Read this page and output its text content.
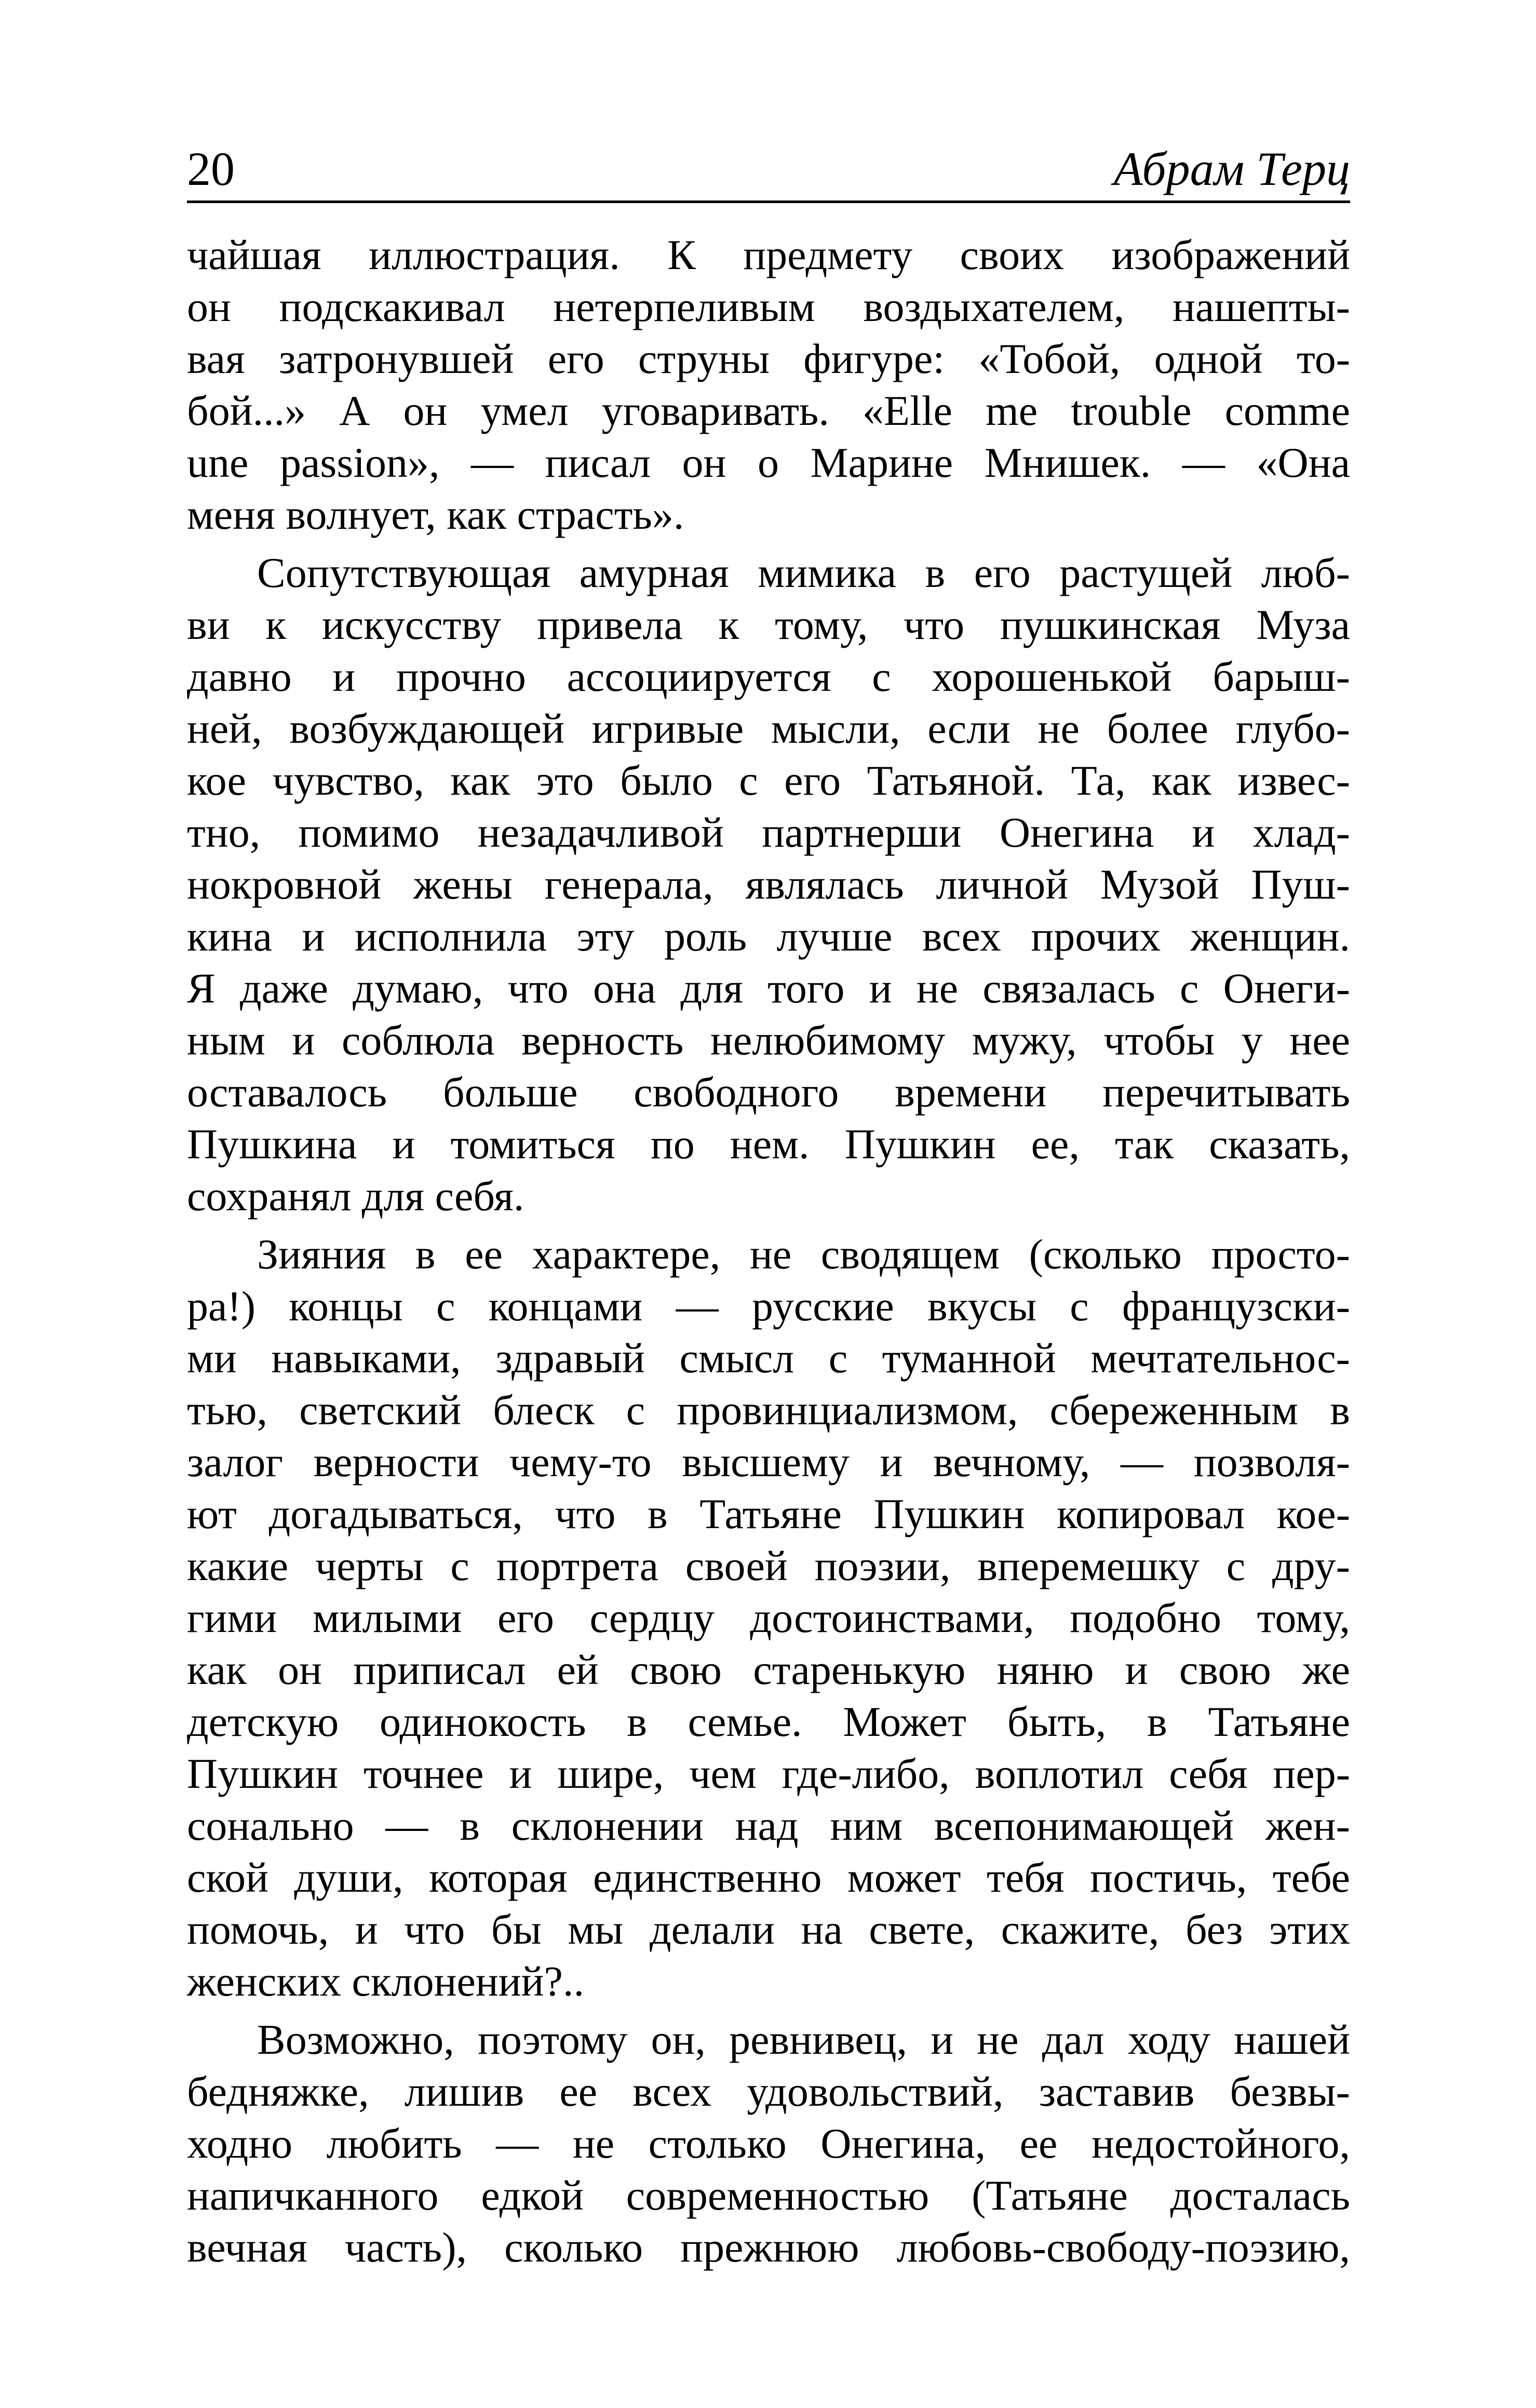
20	Абрам Терц

чайшая иллюстрация. К предмету своих изображений
он подскакивал нетерпеливым воздыхателем, нашепты-
вая затронувшей его струны фигуре: «Тобой, одной то-
бой...» А он умел уговаривать. «Elle me trouble comme
une passion», — писал он о Марине Мнишек. — «Она
меня волнует, как страсть».

Сопутствующая амурная мимика в его растущей люб-
ви к искусству привела к тому, что пушкинская Муза
давно и прочно ассоциируется с хорошенькой барыш-
ней, возбуждающей игривые мысли, если не более глубо-
кое чувство, как это было с его Татьяной. Та, как извес-
тно, помимо незадачливой партнерши Онегина и хлад-
нокровной жены генерала, являлась личной Музой Пуш-
кина и исполнила эту роль лучше всех прочих женщин.
Я даже думаю, что она для того и не связалась с Онеги-
ным и соблюла верность нелюбимому мужу, чтобы у нее
оставалось больше свободного времени перечитывать
Пушкина и томиться по нем. Пушкин ее, так сказать,
сохранял для себя.

Зияния в ее характере, не сводящем (сколько просто-
ра!) концы с концами — русские вкусы с французски-
ми навыками, здравый смысл с туманной мечтательнос-
тью, светский блеск с провинциализмом, сбереженным в
залог верности чему-то высшему и вечному, — позволя-
ют догадываться, что в Татьяне Пушкин копировал кое-
какие черты с портрета своей поэзии, вперемешку с дру-
гими милыми его сердцу достоинствами, подобно тому,
как он приписал ей свою старенькую няню и свою же
детскую одинокость в семье. Может быть, в Татьяне
Пушкин точнее и шире, чем где-либо, воплотил себя пер-
сонально — в склонении над ним всепонимающей жен-
ской души, которая единственно может тебя постичь, тебе
помочь, и что бы мы делали на свете, скажите, без этих
женских склонений?..

Возможно, поэтому он, ревнивец, и не дал ходу нашей
бедняжке, лишив ее всех удовольствий, заставив безвы-
ходно любить — не столько Онегина, ее недостойного,
напичканного едкой современностью (Татьяне досталась
вечная часть), сколько прежнюю любовь-свободу-поэзию,
